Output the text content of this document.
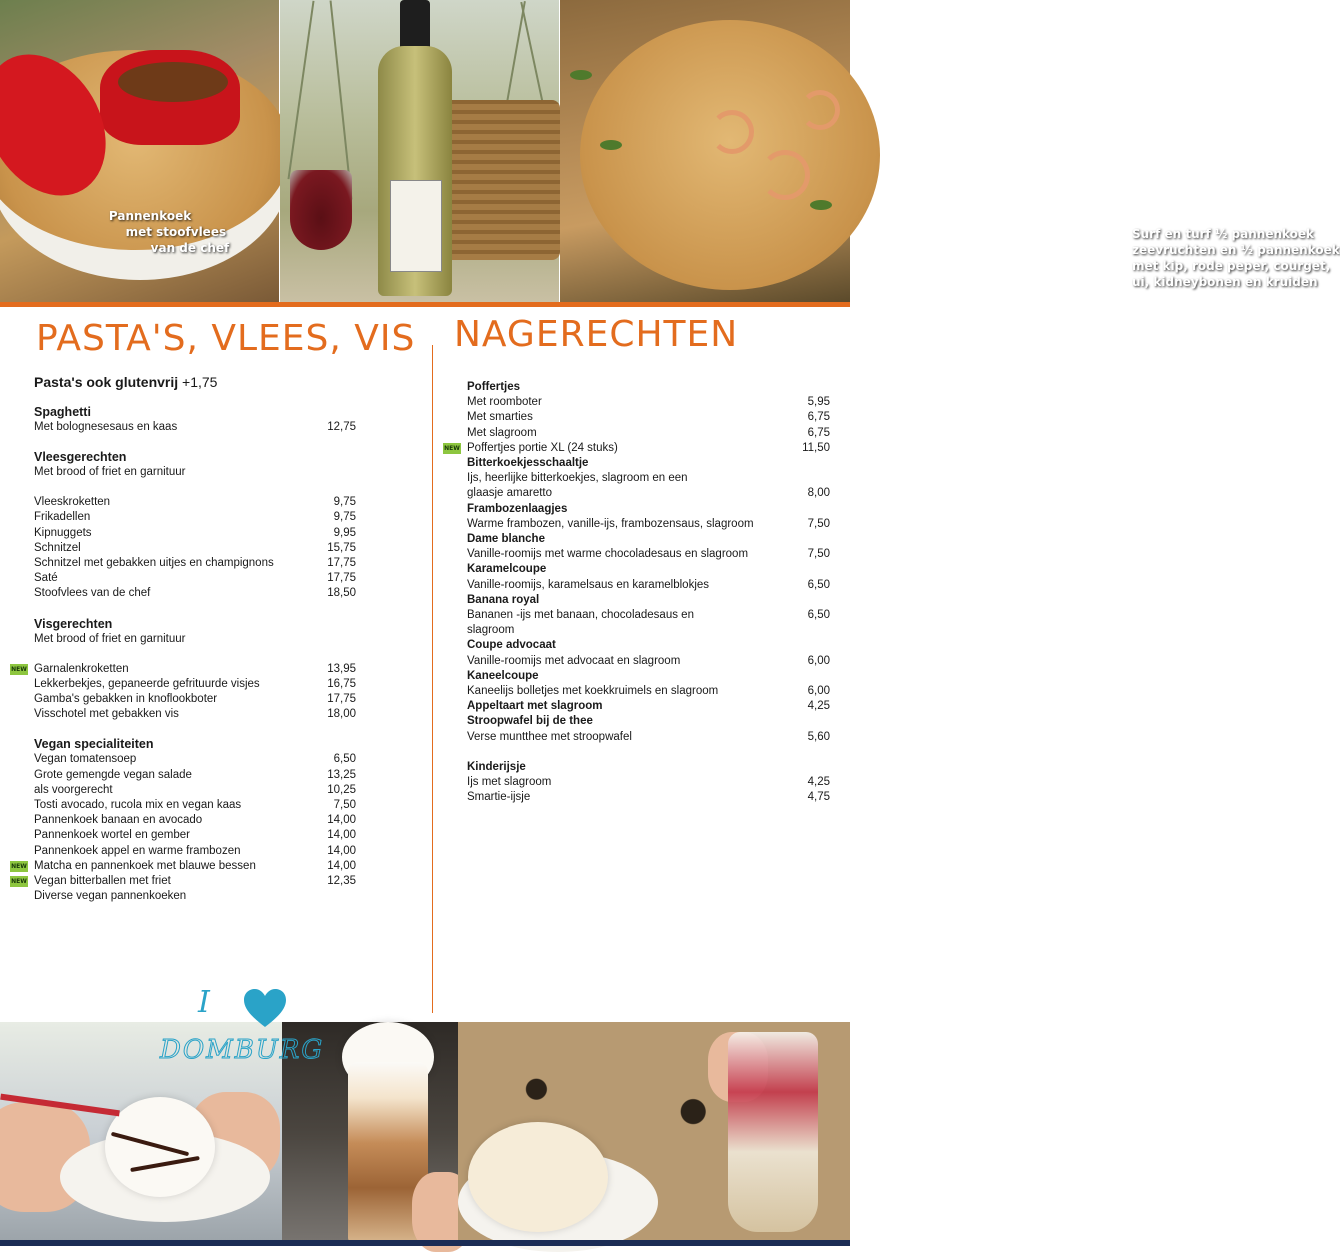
Pannenkoek
met stoofvlees
van de chef
Surf en turf ½ pannenkoek
zeevruchten en ½ pannenkoek
met kip, rode peper, courget,
ui, kidneybonen en kruiden
PASTA'S, VLEES, VIS NAGERECHTEN
Pasta's ook glutenvrij +1,75
Spaghetti
Met bolognesesaus en kaas	12,75
Vleesgerechten
Met brood of friet en garnituur
Vleeskroketten	9,75
Frikadellen	9,75
Kipnuggets	9,95
Schnitzel	15,75
Schnitzel met gebakken uitjes en champignons	17,75
Saté	17,75
Stoofvlees van de chef	18,50
Visgerechten
Met brood of friet en garnituur
NEW Garnalenkroketten	13,95
Lekkerbekjes, gepaneerde gefrituurde visjes	16,75
Gamba's gebakken in knoflookboter	17,75
Visschotel met gebakken vis	18,00
Vegan specialiteiten
Vegan tomatensoep	6,50
Grote gemengde vegan salade	13,25
als voorgerecht	10,25
Tosti avocado, rucola mix en vegan kaas	7,50
Pannenkoek banaan en avocado	14,00
Pannenkoek wortel en gember	14,00
Pannenkoek appel en warme frambozen	14,00
NEW Matcha en pannenkoek met blauwe bessen	14,00
NEW Vegan bitterballen met friet	12,35
Diverse vegan pannenkoeken
Poffertjes
Met roomboter	5,95
Met smarties	6,75
Met slagroom	6,75
NEW Poffertjes portie XL (24 stuks)	11,50
Bitterkoekjesschaaltje
Ijs, heerlijke bitterkoekjes, slagroom en een
glaasje amaretto	8,00
Frambozenlaagjes
Warme frambozen, vanille-ijs, frambozensaus, slagroom	7,50
Dame blanche
Vanille-roomijs met warme chocoladesaus en slagroom	7,50
Karamelcoupe
Vanille-roomijs, karamelsaus en karamelblokjes	6,50
Banana royal
Bananen -ijs met banaan, chocoladesaus en	6,50
slagroom
Coupe advocaat
Vanille-roomijs met advocaat en slagroom	6,00
Kaneelcoupe
Kaneelijs bolletjes met koekkruimels en slagroom	6,00
Appeltaart met slagroom	4,25
Stroopwafel bij de thee
Verse muntthee met stroopwafel	5,60
Kinderijsje
Ijs met slagroom	4,25
Smartie-ijsje	4,75
I
DOMBURG
